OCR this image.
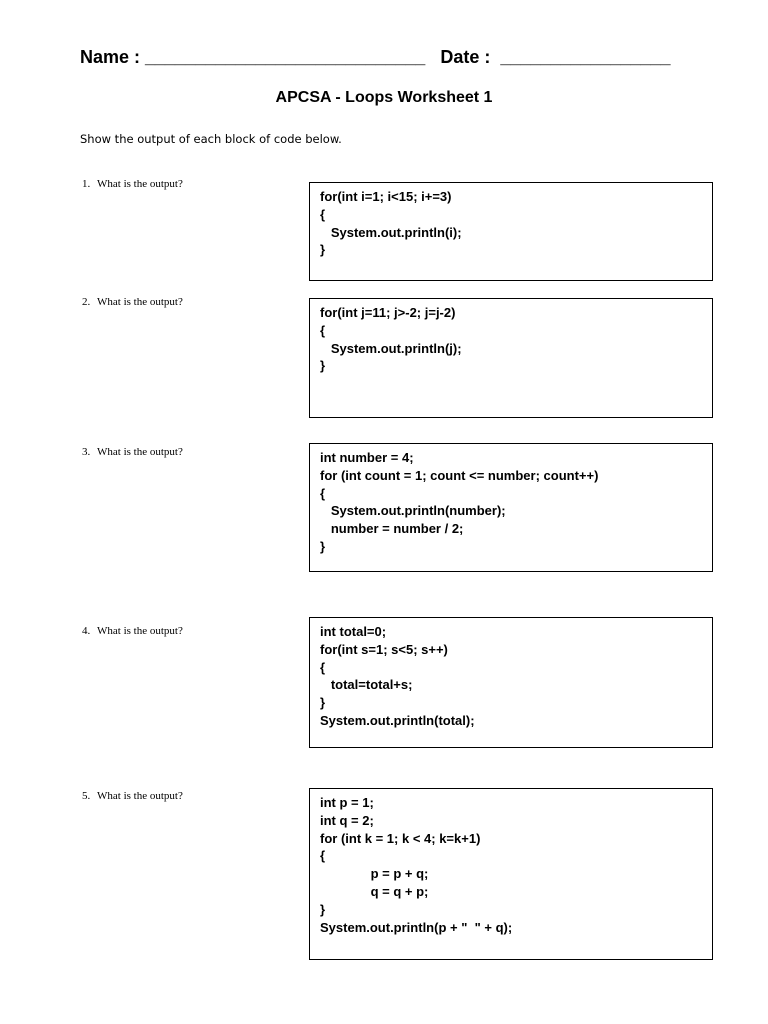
Name : ____________________________   Date :  _________________
APCSA - Loops Worksheet 1
Show the output of each block of code below.
1. What is the output?
for(int i=1; i<15; i+=3)
{
System.out.println(i);
}
2. What is the output?
for(int j=11; j>-2; j=j-2)
{
System.out.println(j);
}
3. What is the output?	int number = 4;
for (int count = 1; count <= number; count++)
{
System.out.println(number);
number = number / 2;
}
4. What is the output?	int total=0;
for(int s=1; s<5; s++)
{
total=total+s;
}
System.out.println(total);
5. What is the output?	int p = 1;
int q = 2;
for (int k = 1; k < 4; k=k+1)
{
p = p + q;
q = q + p;
}
System.out.println(p + "  " + q);
